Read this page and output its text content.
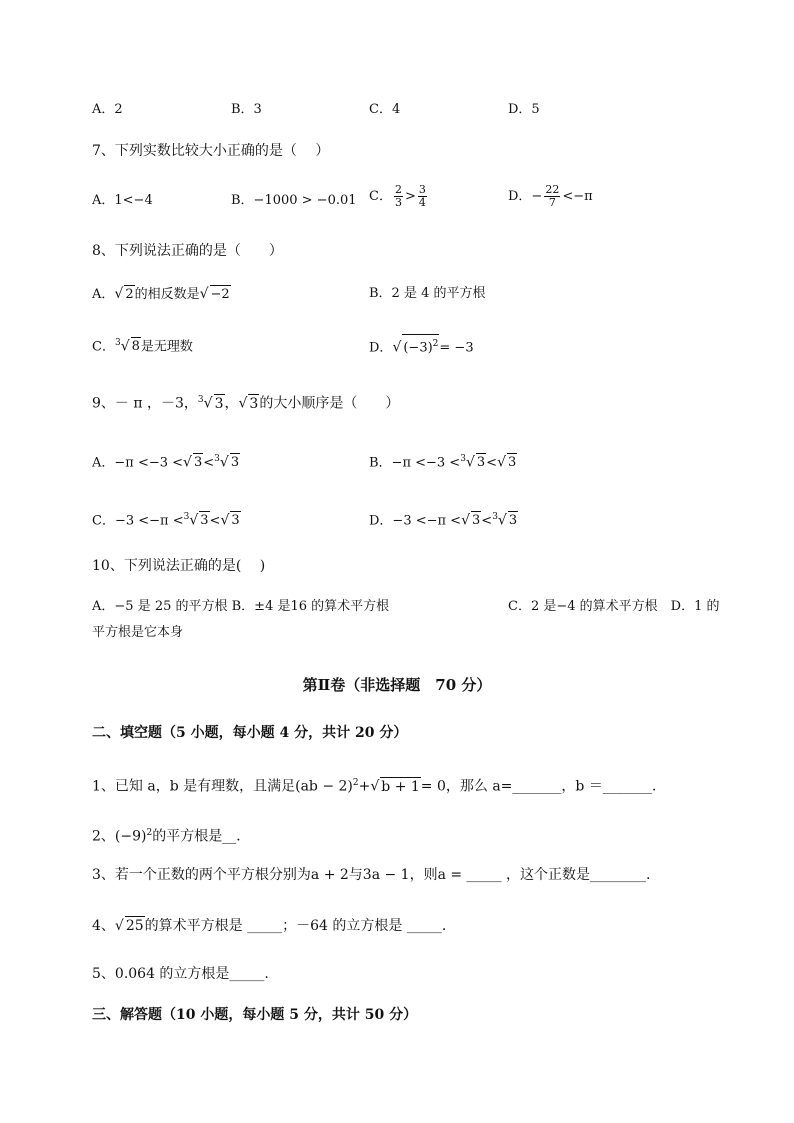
A．2	B．3	C．4	D．5
7、下列实数比较大小正确的是（　 ）
A．1<−4	B．−1000 > −0.01 C． $\frac{2}{3} > \frac{3}{4}$	D．− $\frac{22}{7} <-\pi$
8、下列说法正确的是（　　）
A．√ 2的相反数是√ −2	B．2 是 4 的平方根
C．$^3$√ 8是无理数	D．√ $(-3)^2= -3$
9、－ π ，－3，$^3$√ 3，√ 3的大小顺序是（　　）
A．−π <−3 <√ 3<$^3$√ 3	B．−π <−3 <$^3$√ 3<√ 3
C．−3 <−π <$^3$√ 3<√ 3	D．−3 <−π <√ 3<$^3$√ 3
10、下列说法正确的是(　 )
A．−5 是 25 的平方根 B．±4 是16 的算术平方根	C．2 是−4 的算术平方根　D．1 的
平方根是它本身
第Ⅱ卷（非选择题　70 分）
二、填空题（5 小题，每小题 4 分，共计 20 分）
1、已知 a，b 是有理数，且满足(ab − 2)$^2$+√ b + 1= 0，那么 a=_______，b ＝_______.
2、$(-9)^2$的平方根是__．
3、若一个正数的两个平方根分别为a + 2与3a − 1，则a = _____ ，这个正数是________.
4、√ 25的算术平方根是 _____；－64 的立方根是 _____.
5、0.064 的立方根是_____.
三、解答题（10 小题，每小题 5 分，共计 50 分）
